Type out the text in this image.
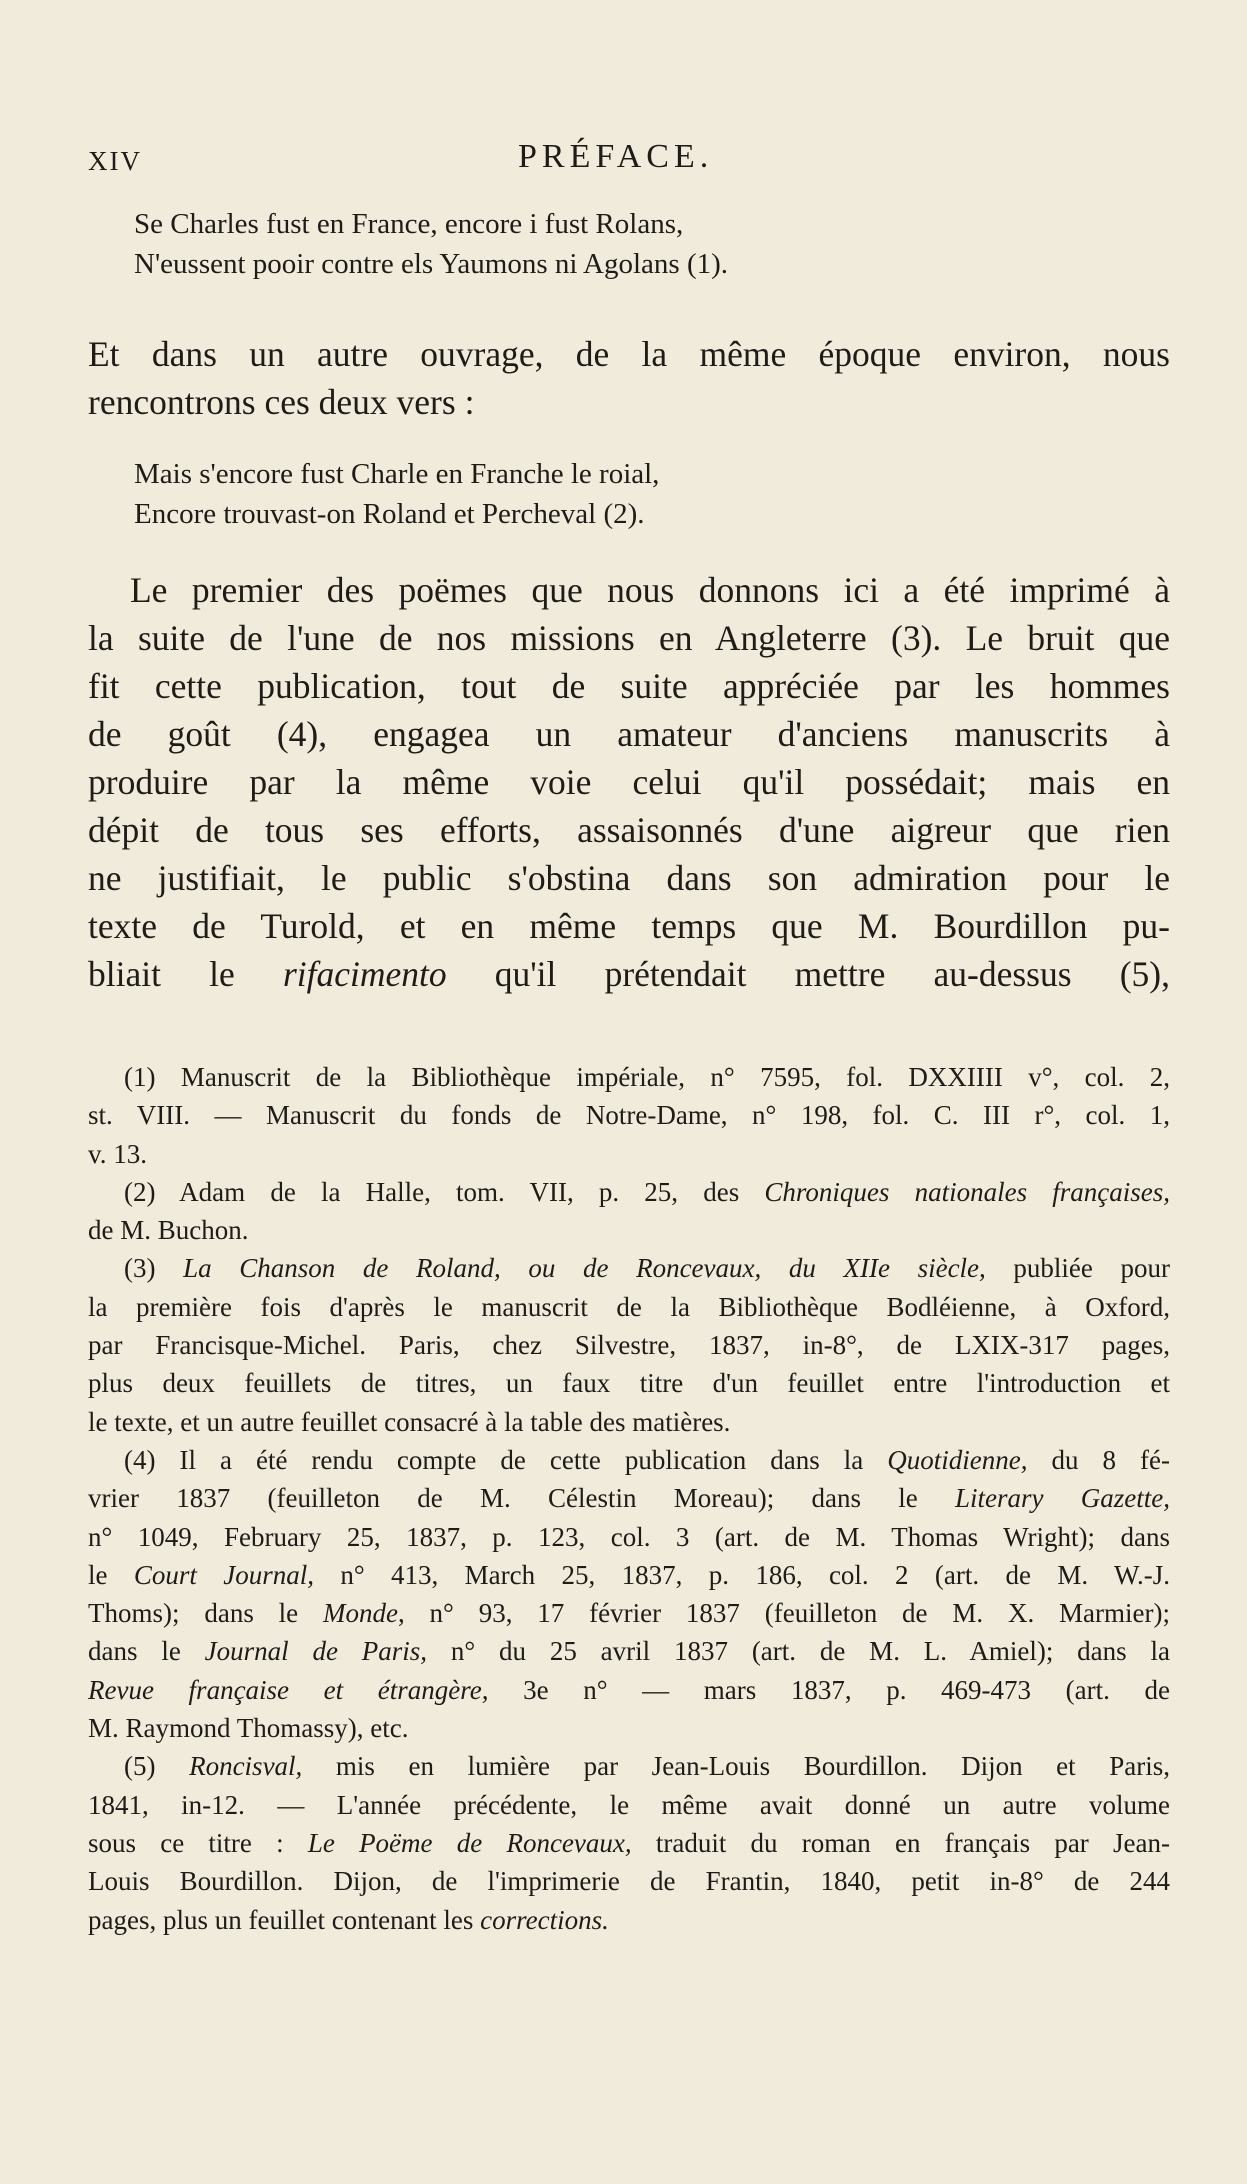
XIV	PRÉFACE.
Se Charles fust en France, encore i fust Rolans,
N'eussent pooir contre els Yaumons ni Agolans (1).
Et dans un autre ouvrage, de la même époque environ, nous
rencontrons ces deux vers :
Mais s'encore fust Charle en Franche le roial,
Encore trouvast-on Roland et Percheval (2).
Le premier des poëmes que nous donnons ici a été imprimé à
la suite de l'une de nos missions en Angleterre (3). Le bruit que
fit cette publication, tout de suite appréciée par les hommes
de goût (4), engagea un amateur d'anciens manuscrits à
produire par la même voie celui qu'il possédait; mais en
dépit de tous ses efforts, assaisonnés d'une aigreur que rien
ne justifiait, le public s'obstina dans son admiration pour le
texte de Turold, et en même temps que M. Bourdillon pu-
bliait le rifacimento qu'il prétendait mettre au-dessus (5),
(1) Manuscrit de la Bibliothèque impériale, n° 7595, fol. DXXIIII v°, col. 2,
st. VIII. — Manuscrit du fonds de Notre-Dame, n° 198, fol. C. III r°, col. 1,
v. 13.
(2) Adam de la Halle, tom. VII, p. 25, des Chroniques nationales françaises,
de M. Buchon.
(3) La Chanson de Roland, ou de Roncevaux, du XIIe siècle, publiée pour
la première fois d'après le manuscrit de la Bibliothèque Bodléienne, à Oxford,
par Francisque-Michel. Paris, chez Silvestre, 1837, in-8°, de LXIX-317 pages,
plus deux feuillets de titres, un faux titre d'un feuillet entre l'introduction et
le texte, et un autre feuillet consacré à la table des matières.
(4) Il a été rendu compte de cette publication dans la Quotidienne, du 8 fé-
vrier 1837 (feuilleton de M. Célestin Moreau); dans le Literary Gazette,
n° 1049, February 25, 1837, p. 123, col. 3 (art. de M. Thomas Wright); dans
le Court Journal, n° 413, March 25, 1837, p. 186, col. 2 (art. de M. W.-J.
Thoms); dans le Monde, n° 93, 17 février 1837 (feuilleton de M. X. Marmier);
dans le Journal de Paris, n° du 25 avril 1837 (art. de M. L. Amiel); dans la
Revue française et étrangère, 3e n° — mars 1837, p. 469-473 (art. de
M. Raymond Thomassy), etc.
(5) Roncisval, mis en lumière par Jean-Louis Bourdillon. Dijon et Paris,
1841, in-12. — L'année précédente, le même avait donné un autre volume
sous ce titre : Le Poëme de Roncevaux, traduit du roman en français par Jean-
Louis Bourdillon. Dijon, de l'imprimerie de Frantin, 1840, petit in-8° de 244
pages, plus un feuillet contenant les corrections.
